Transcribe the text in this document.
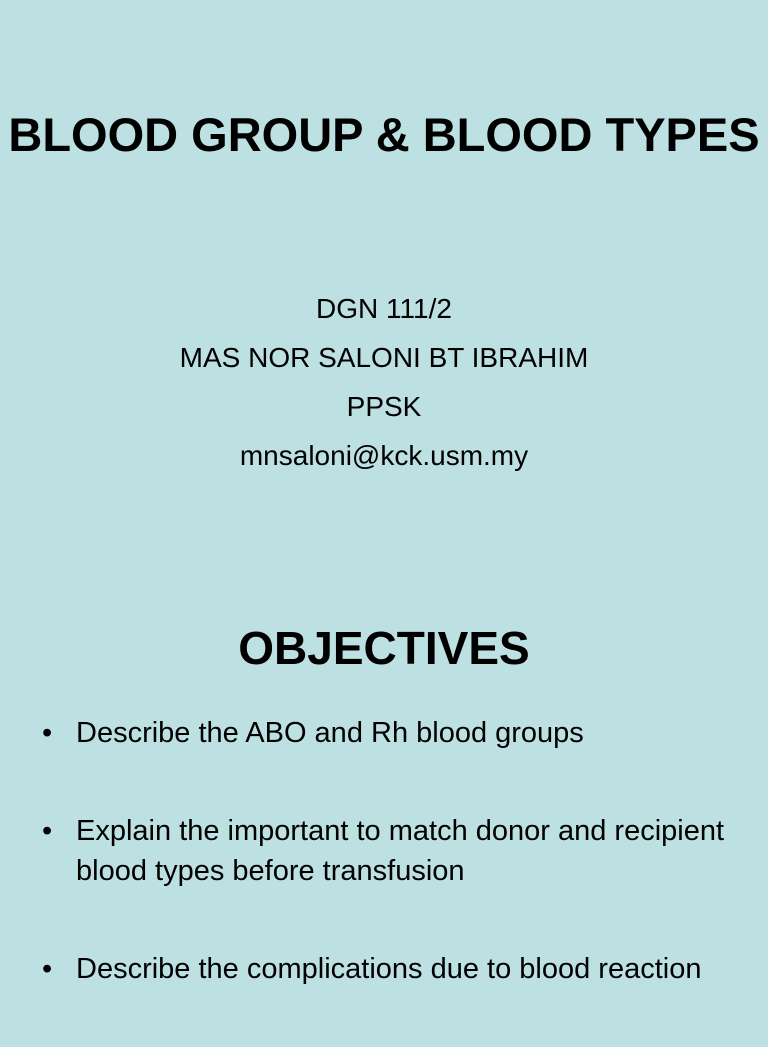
BLOOD GROUP & BLOOD TYPES
DGN 111/2
MAS NOR SALONI BT IBRAHIM
PPSK
mnsaloni@kck.usm.my
OBJECTIVES
• Describe the ABO and Rh blood groups
• Explain the important to match donor and recipient blood types before transfusion
• Describe the complications due to blood reaction
